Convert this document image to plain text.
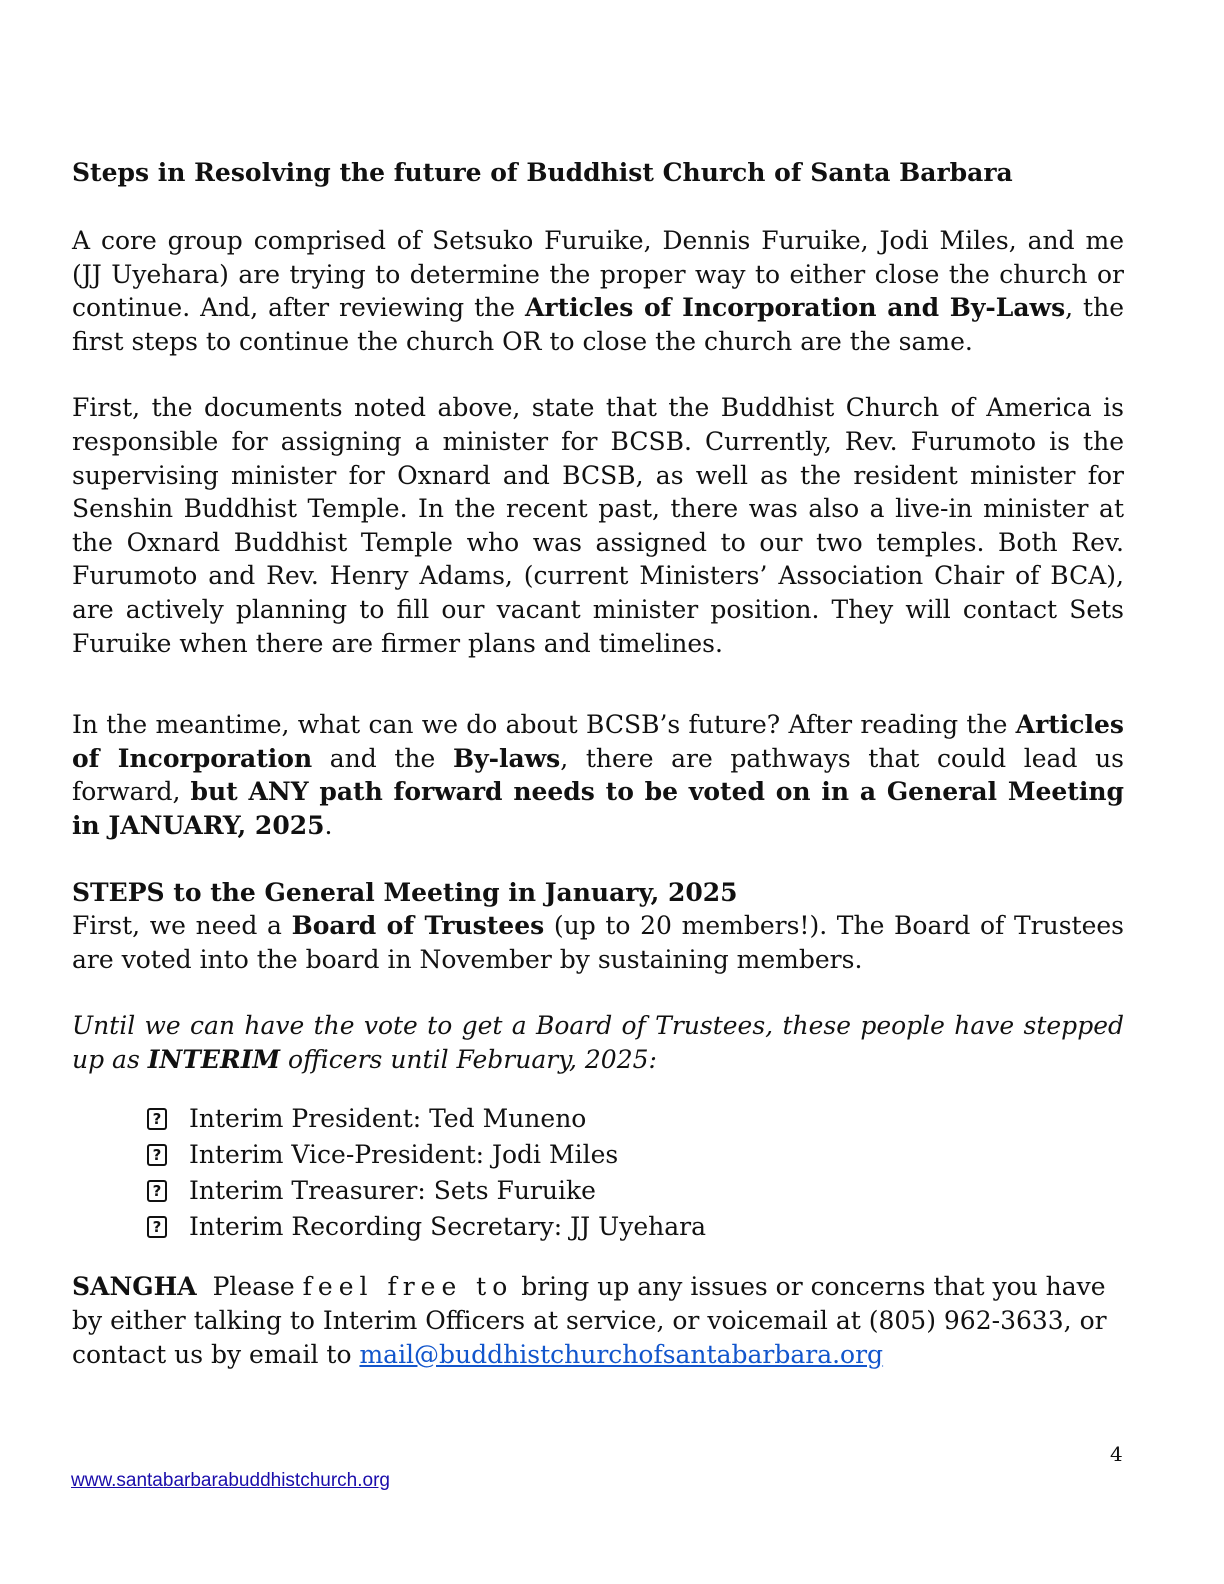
Steps in Resolving the future of Buddhist Church of Santa Barbara

A core group comprised of Setsuko Furuike, Dennis Furuike, Jodi Miles, and me (JJ Uyehara) are trying to determine the proper way to either close the church or continue. And, after reviewing the Articles of Incorporation and By-Laws, the first steps to continue the church OR to close the church are the same.

First, the documents noted above, state that the Buddhist Church of America is responsible for assigning a minister for BCSB. Currently, Rev. Furumoto is the supervising minister for Oxnard and BCSB, as well as the resident minister for Senshin Buddhist Temple. In the recent past, there was also a live-in minister at the Oxnard Buddhist Temple who was assigned to our two temples. Both Rev. Furumoto and Rev. Henry Adams, (current Ministers’ Association Chair of BCA), are actively planning to fill our vacant minister position. They will contact Sets Furuike when there are firmer plans and timelines.

In the meantime, what can we do about BCSB’s future? After reading the Articles of Incorporation and the By-laws, there are pathways that could lead us forward, but ANY path forward needs to be voted on in a General Meeting in JANUARY, 2025.

STEPS to the General Meeting in January, 2025

First, we need a Board of Trustees (up to 20 members!). The Board of Trustees are voted into the board in November by sustaining members.

Until we can have the vote to get a Board of Trustees, these people have stepped up as INTERIM officers until February, 2025:

? Interim President: Ted Muneno
? Interim Vice-President: Jodi Miles
? Interim Treasurer: Sets Furuike
? Interim Recording Secretary: JJ Uyehara

SANGHA  Please feel free to bring up any issues or concerns that you have by either talking to Interim Officers at service, or voicemail at (805) 962-3633, or contact us by email to mail@buddhistchurchofsantabarbara.org

4
www.santabarbarabuddhistchurch.org
